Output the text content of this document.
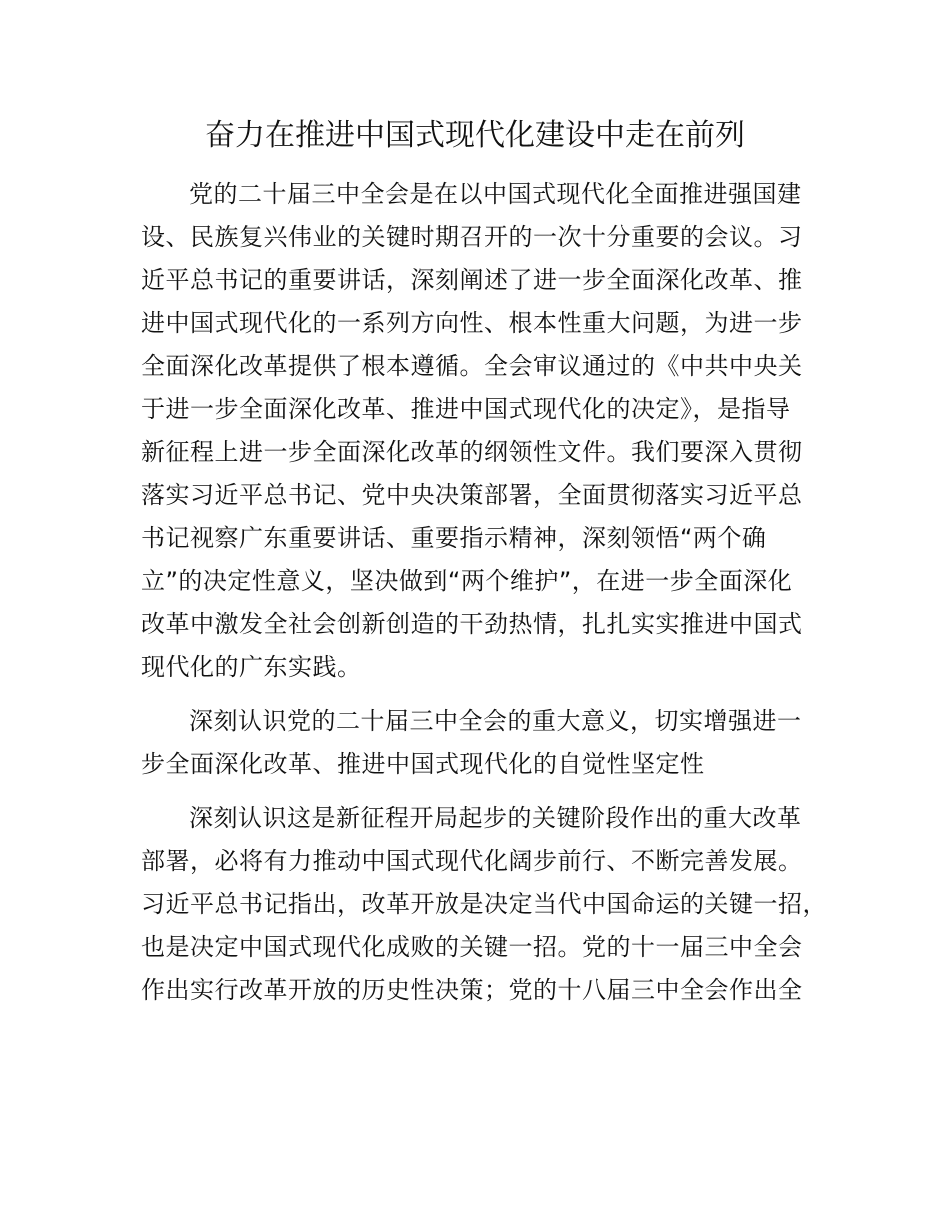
奋力在推进中国式现代化建设中走在前列
党的二十届三中全会是在以中国式现代化全面推进强国建
设、民族复兴伟业的关键时期召开的一次十分重要的会议。习
近平总书记的重要讲话，深刻阐述了进一步全面深化改革、推
进中国式现代化的一系列方向性、根本性重大问题，为进一步
全面深化改革提供了根本遵循。全会审议通过的《中共中央关
于进一步全面深化改革、推进中国式现代化的决定》，是指导
新征程上进一步全面深化改革的纲领性文件。我们要深入贯彻
落实习近平总书记、党中央决策部署，全面贯彻落实习近平总
书记视察广东重要讲话、重要指示精神，深刻领悟“两个确
立”的决定性意义，坚决做到“两个维护”，在进一步全面深化
改革中激发全社会创新创造的干劲热情，扎扎实实推进中国式
现代化的广东实践。
深刻认识党的二十届三中全会的重大意义，切实增强进一
步全面深化改革、推进中国式现代化的自觉性坚定性
深刻认识这是新征程开局起步的关键阶段作出的重大改革
部署，必将有力推动中国式现代化阔步前行、不断完善发展。
习近平总书记指出，改革开放是决定当代中国命运的关键一招，
也是决定中国式现代化成败的关键一招。党的十一届三中全会
作出实行改革开放的历史性决策；党的十八届三中全会作出全
